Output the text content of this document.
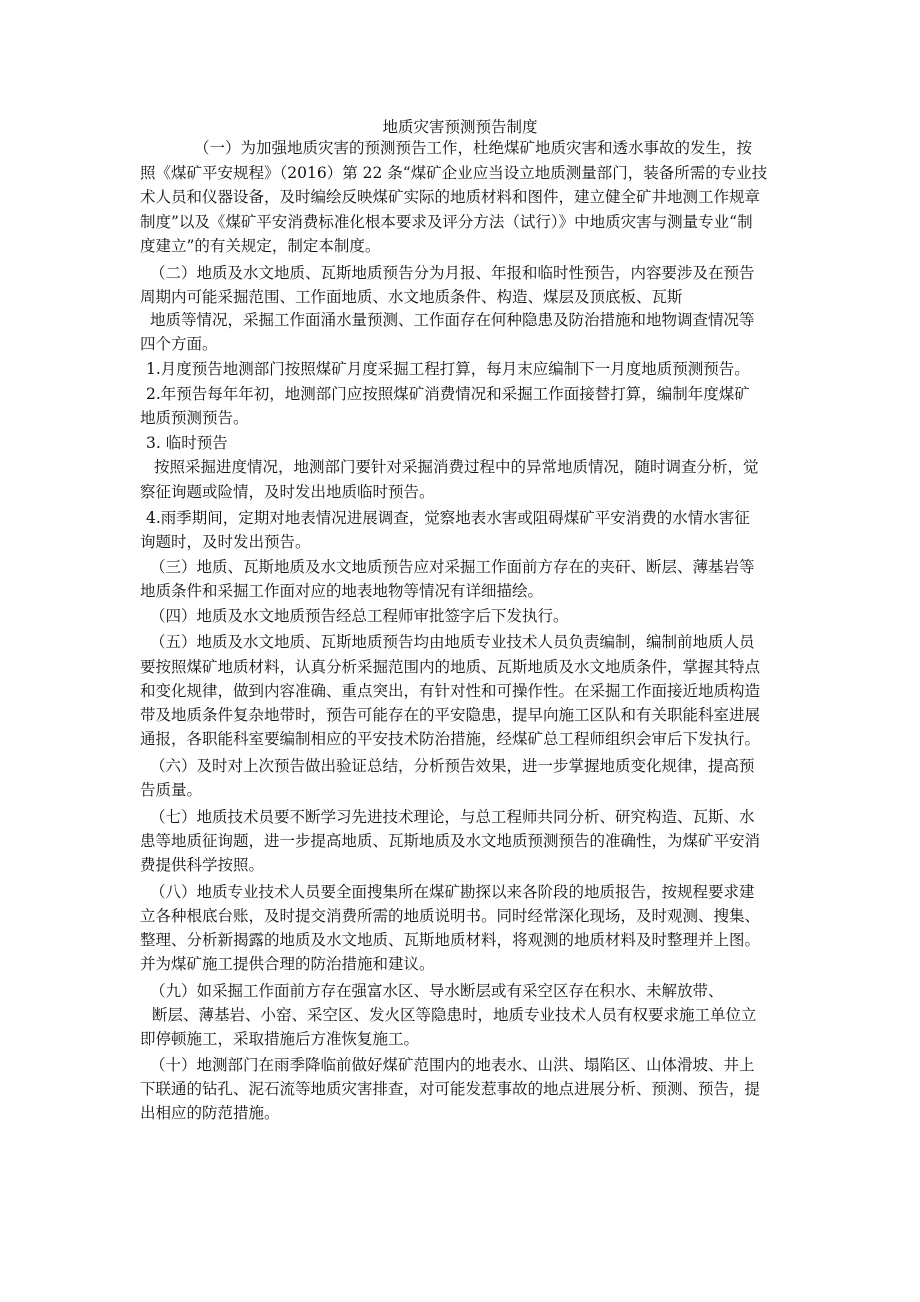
地质灾害预测预告制度
（一）为加强地质灾害的预测预告工作，杜绝煤矿地质灾害和透水事故的发生，按
照《煤矿平安规程》（2016）第 22 条“煤矿企业应当设立地质测量部门，装备所需的专业技
术人员和仪器设备，及时编绘反映煤矿实际的地质材料和图件，建立健全矿井地测工作规章
制度”以及《煤矿平安消费标准化根本要求及评分方法（试行）》中地质灾害与测量专业“制
度建立”的有关规定，制定本制度。
（二）地质及水文地质、瓦斯地质预告分为月报、年报和临时性预告，内容要涉及在预告
周期内可能采掘范围、工作面地质、水文地质条件、构造、煤层及顶底板、瓦斯
地质等情况，采掘工作面涌水量预测、工作面存在何种隐患及防治措施和地物调查情况等
四个方面。
1.月度预告地测部门按照煤矿月度采掘工程打算，每月末应编制下一月度地质预测预告。
2.年预告每年年初，地测部门应按照煤矿消费情况和采掘工作面接替打算，编制年度煤矿
地质预测预告。
3. 临时预告
按照采掘进度情况，地测部门要针对采掘消费过程中的异常地质情况，随时调查分析，觉
察征询题或险情，及时发出地质临时预告。
4.雨季期间，定期对地表情况进展调查，觉察地表水害或阻碍煤矿平安消费的水情水害征
询题时，及时发出预告。
（三）地质、瓦斯地质及水文地质预告应对采掘工作面前方存在的夹矸、断层、薄基岩等
地质条件和采掘工作面对应的地表地物等情况有详细描绘。
（四）地质及水文地质预告经总工程师审批签字后下发执行。
（五）地质及水文地质、瓦斯地质预告均由地质专业技术人员负责编制，编制前地质人员
要按照煤矿地质材料，认真分析采掘范围内的地质、瓦斯地质及水文地质条件，掌握其特点
和变化规律，做到内容准确、重点突出，有针对性和可操作性。在采掘工作面接近地质构造
带及地质条件复杂地带时，预告可能存在的平安隐患，提早向施工区队和有关职能科室进展
通报，各职能科室要编制相应的平安技术防治措施，经煤矿总工程师组织会审后下发执行。
（六）及时对上次预告做出验证总结，分析预告效果，进一步掌握地质变化规律，提高预
告质量。
（七）地质技术员要不断学习先进技术理论，与总工程师共同分析、研究构造、瓦斯、水
患等地质征询题，进一步提高地质、瓦斯地质及水文地质预测预告的准确性，为煤矿平安消
费提供科学按照。
（八）地质专业技术人员要全面搜集所在煤矿勘探以来各阶段的地质报告，按规程要求建
立各种根底台账，及时提交消费所需的地质说明书。同时经常深化现场，及时观测、搜集、
整理、分析新揭露的地质及水文地质、瓦斯地质材料，将观测的地质材料及时整理并上图。
并为煤矿施工提供合理的防治措施和建议。
（九）如采掘工作面前方存在强富水区、导水断层或有采空区存在积水、未解放带、
断层、薄基岩、小窑、采空区、发火区等隐患时，地质专业技术人员有权要求施工单位立
即停顿施工，采取措施后方准恢复施工。
（十）地测部门在雨季降临前做好煤矿范围内的地表水、山洪、塌陷区、山体滑坡、井上
下联通的钻孔、泥石流等地质灾害排查，对可能发惹事故的地点进展分析、预测、预告，提
出相应的防范措施。
